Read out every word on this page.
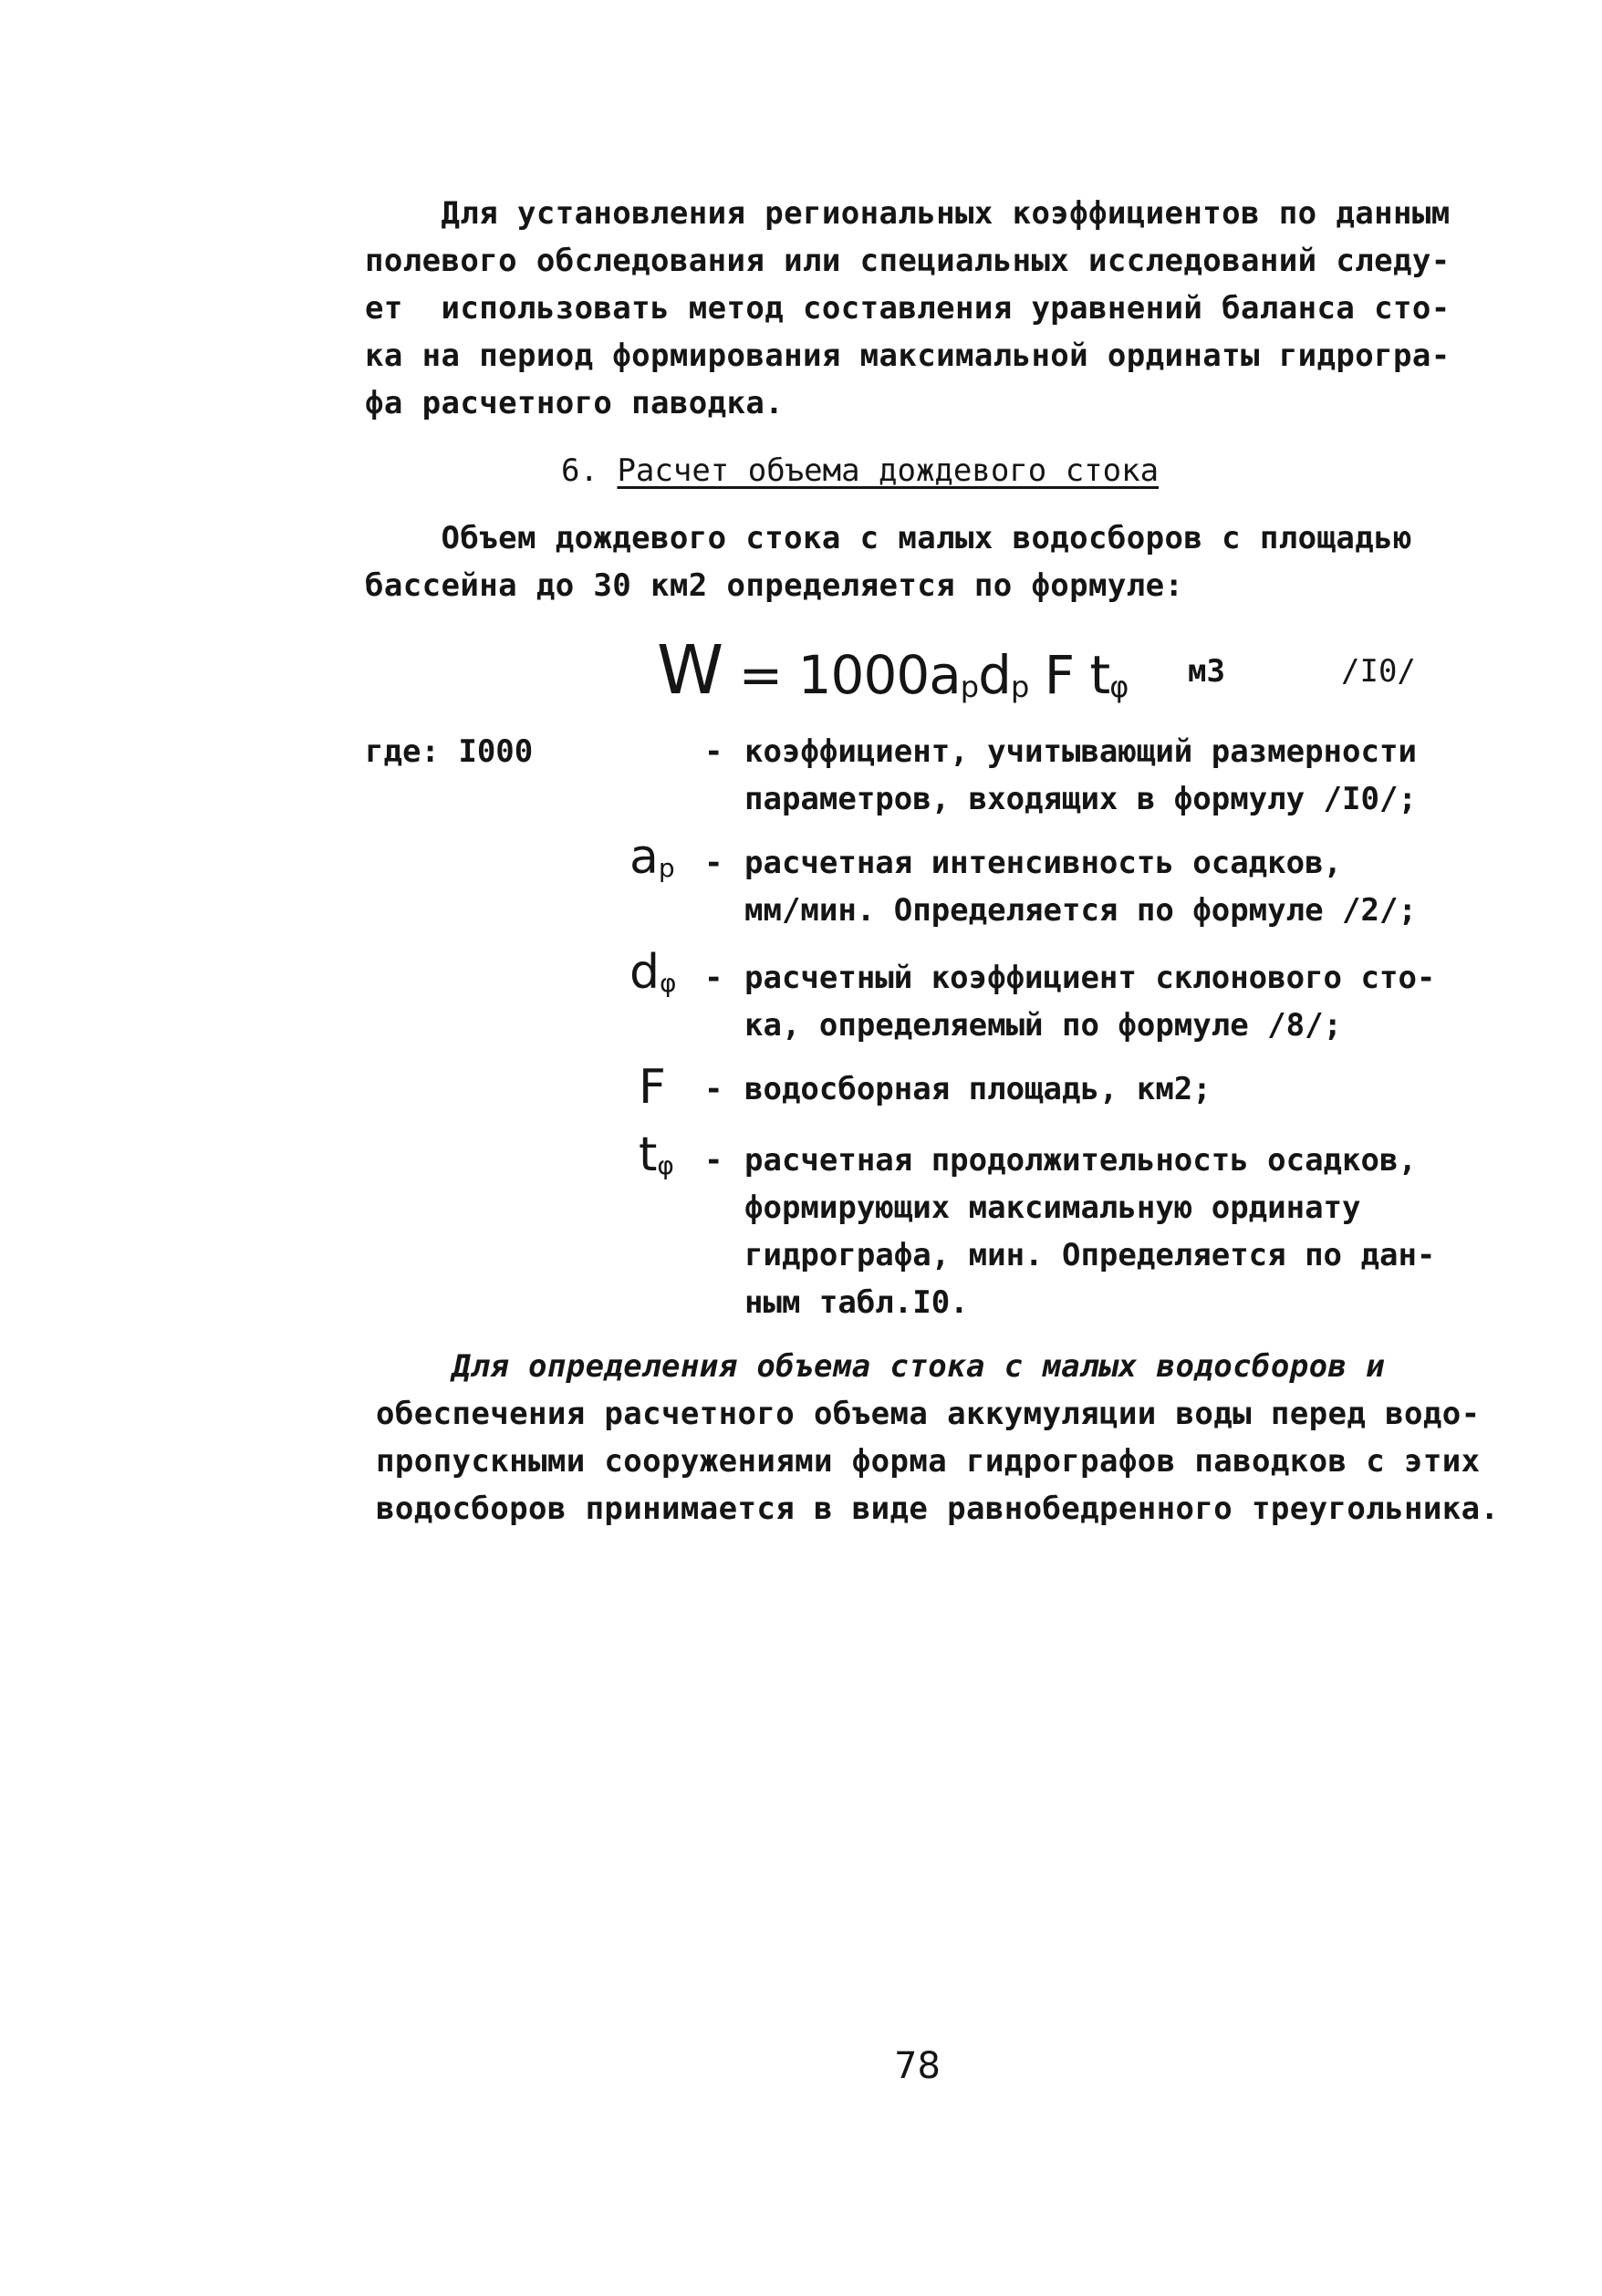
Для установления региональных коэффициентов по данным
полевого обследования или специальных исследований следу-
ет  использовать метод составления уравнений баланса сто-
ка на период формирования максимальной ординаты гидрогра-
фа расчетного паводка.
6. Расчет объема дождевого стока
Объем дождевого стока с малых водосборов с площадью
бассейна до 30 км2 определяется по формуле:
$W = 1000a_pd_p$ F $t_\varphi$ м3	/I0/
где: I000	- коэффициент, учитывающий размерности
параметров, входящих в формулу /I0/;
$a_p$ - расчетная интенсивность осадков,
мм/мин. Определяется по формуле /2/;
$d_\varphi$ - расчетный коэффициент склонового сто-
ка, определяемый по формуле /8/;
F - водосборная площадь, км2;
$t_\varphi$ - расчетная продолжительность осадков,
формирующих максимальную ординату
гидрографа, мин. Определяется по дан-
ным табл.I0.
Для определения объема стока с малых водосборов и
обеспечения расчетного объема аккумуляции воды перед водо-
пропускными сооружениями форма гидрографов паводков с этих
водосборов принимается в виде равнобедренного треугольника.
78
